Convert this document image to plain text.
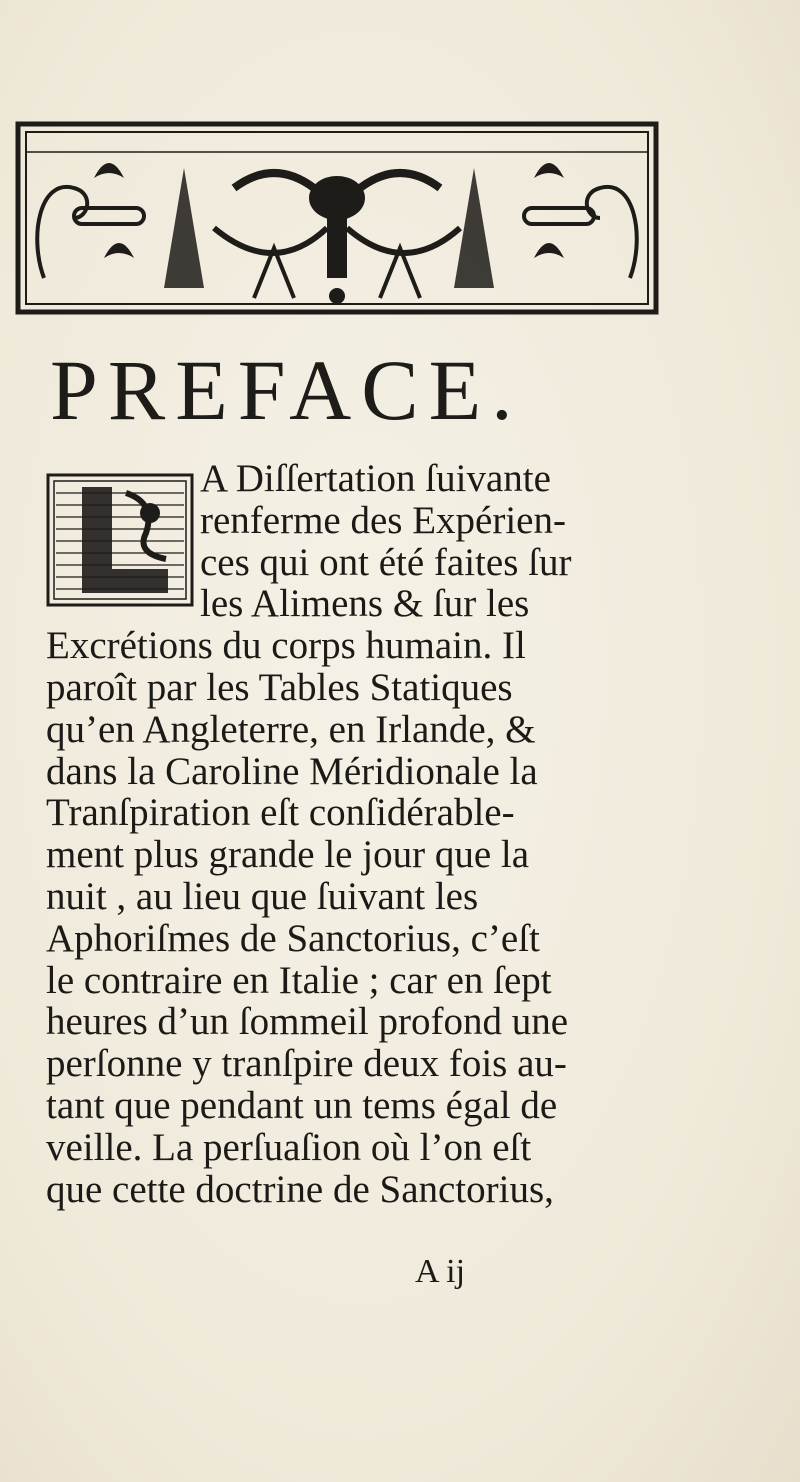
PREFACE.
A Diſſertation ſuivante
renferme des Expérien-
ces qui ont été faites ſur
les Alimens & ſur les
Excrétions du corps humain. Il
paroît par les Tables Statiques
qu’en Angleterre, en Irlande, &
dans la Caroline Méridionale la
Tranſpiration eſt conſidérable-
ment plus grande le jour que la
nuit , au lieu que ſuivant les
Aphoriſmes de Sanctorius, c’eſt
le contraire en Italie ; car en ſept
heures d’un ſommeil profond une
perſonne y tranſpire deux fois au-
tant que pendant un tems égal de
veille. La perſuaſion où l’on eſt
que cette doctrine de Sanctorius,
A ij
